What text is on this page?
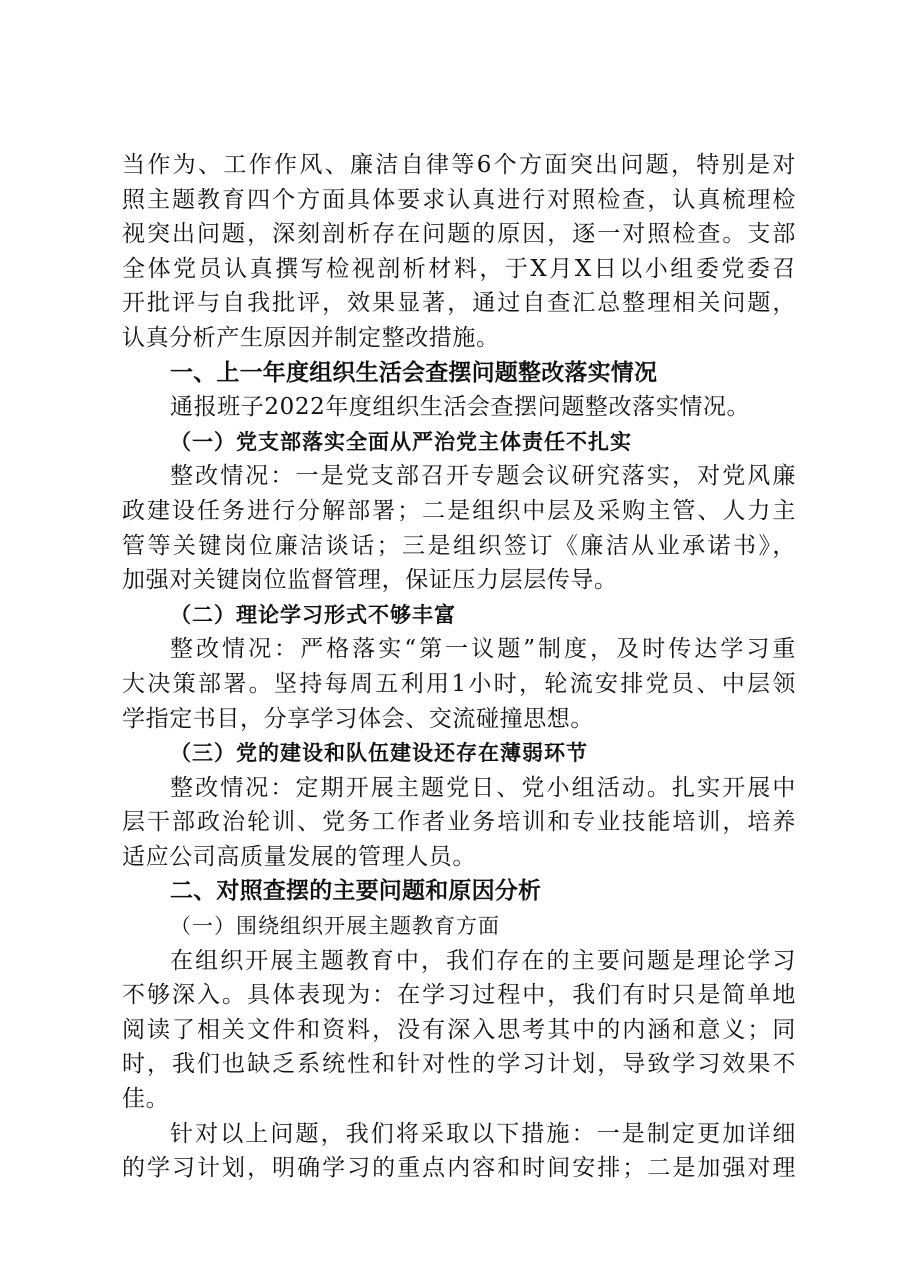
当作为、工作作风、廉洁自律等6个方面突出问题，特别是对
照主题教育四个方面具体要求认真进行对照检查，认真梳理检
视突出问题，深刻剖析存在问题的原因，逐一对照检查。支部
全体党员认真撰写检视剖析材料，于X月X日以小组委党委召
开批评与自我批评，效果显著，通过自查汇总整理相关问题，
认真分析产生原因并制定整改措施。
一、上一年度组织生活会查摆问题整改落实情况
通报班子2022年度组织生活会查摆问题整改落实情况。
（一）党支部落实全面从严治党主体责任不扎实
整改情况：一是党支部召开专题会议研究落实，对党风廉
政建设任务进行分解部署；二是组织中层及采购主管、人力主
管等关键岗位廉洁谈话；三是组织签订《廉洁从业承诺书》，
加强对关键岗位监督管理，保证压力层层传导。
（二）理论学习形式不够丰富
整改情况：严格落实“第一议题”制度，及时传达学习重
大决策部署。坚持每周五利用1小时，轮流安排党员、中层领
学指定书目，分享学习体会、交流碰撞思想。
（三）党的建设和队伍建设还存在薄弱环节
整改情况：定期开展主题党日、党小组活动。扎实开展中
层干部政治轮训、党务工作者业务培训和专业技能培训，培养
适应公司高质量发展的管理人员。
二、对照查摆的主要问题和原因分析
（一）围绕组织开展主题教育方面
在组织开展主题教育中，我们存在的主要问题是理论学习
不够深入。具体表现为：在学习过程中，我们有时只是简单地
阅读了相关文件和资料，没有深入思考其中的内涵和意义；同
时，我们也缺乏系统性和针对性的学习计划，导致学习效果不
佳。
针对以上问题，我们将采取以下措施：一是制定更加详细
的学习计划，明确学习的重点内容和时间安排；二是加强对理
